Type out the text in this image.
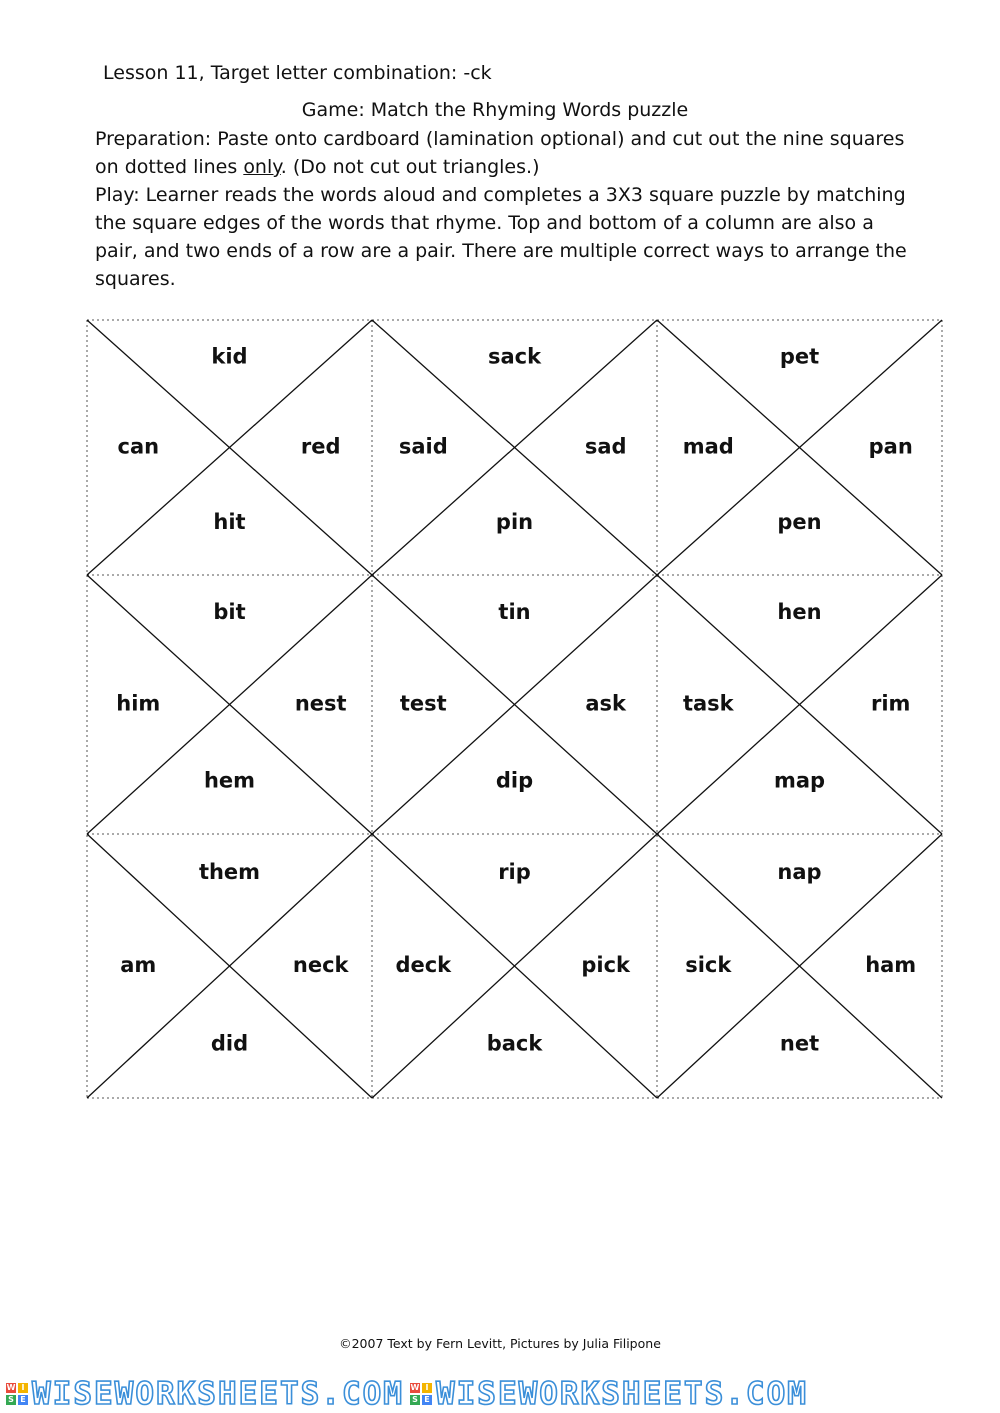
Lesson 11, Target letter combination: -ck
Game: Match the Rhyming Words puzzle

Preparation: Paste onto cardboard (lamination optional) and cut out the nine squares on dotted lines only. (Do not cut out triangles.)

Play: Learner reads the words aloud and completes a 3X3 square puzzle by matching the square edges of the words that rhyme. Top and bottom of a column are also a pair, and two ends of a row are a pair. There are multiple correct ways to arrange the squares.

kid
can	red
hit
sack
said	sad
pin
pet
mad	pan
pen
bit
him	nest
hem
tin
test	ask
dip
hen
task	rim
map
them
am	neck
did
rip
deck	pick
back
nap
sick	ham
net
©2007 Text by Fern Levitt, Pictures by Julia Filipone
W I
S E WISEWORKSHEETS.COM W I
S E WISEWORKSHEETS.COM
